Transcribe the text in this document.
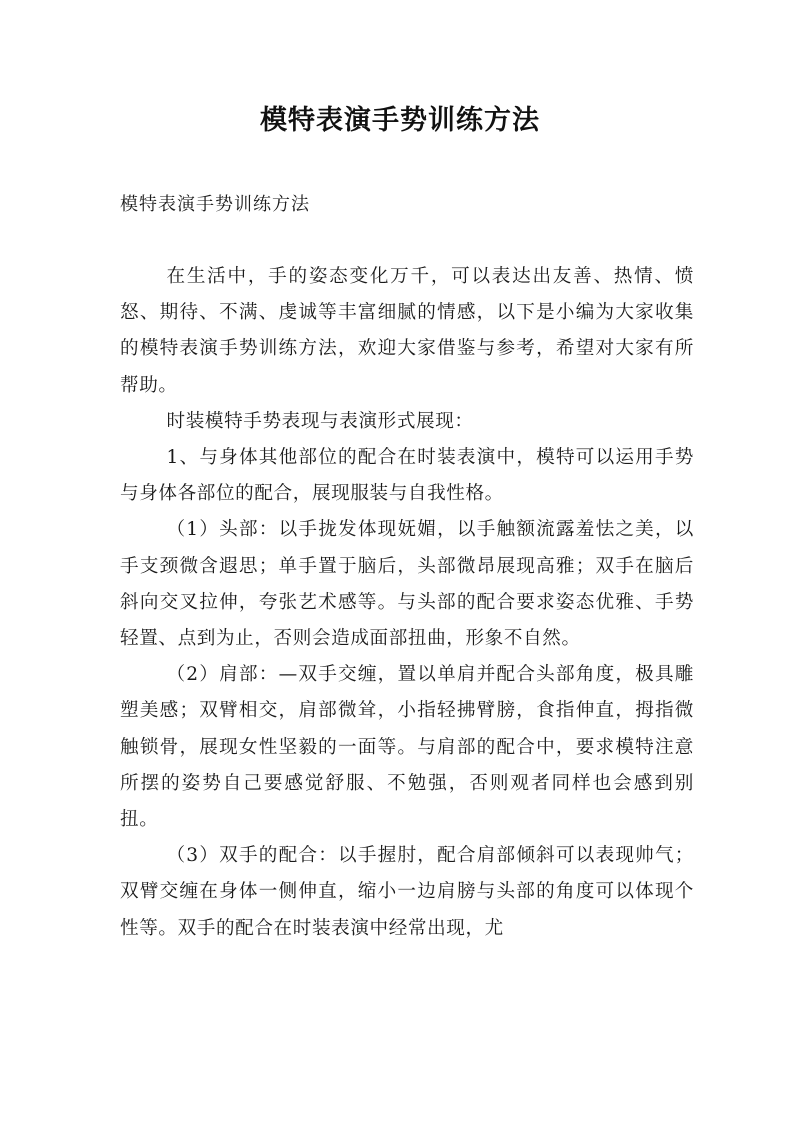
模特表演手势训练方法

模特表演手势训练方法

在生活中，手的姿态变化万千，可以表达出友善、热情、愤怒、期待、不满、虔诚等丰富细腻的情感，以下是小编为大家收集的模特表演手势训练方法，欢迎大家借鉴与参考，希望对大家有所帮助。

时装模特手势表现与表演形式展现：

1、与身体其他部位的配合在时装表演中，模特可以运用手势与身体各部位的配合，展现服装与自我性格。

（1）头部：以手拢发体现妩媚，以手触额流露羞怯之美，以手支颈微含遐思；单手置于脑后，头部微昂展现高雅；双手在脑后斜向交叉拉伸，夸张艺术感等。与头部的配合要求姿态优雅、手势轻置、点到为止，否则会造成面部扭曲，形象不自然。

（2）肩部：—双手交缠，置以单肩并配合头部角度，极具雕塑美感；双臂相交，肩部微耸，小指轻拂臂膀，食指伸直，拇指微触锁骨，展现女性坚毅的一面等。与肩部的配合中，要求模特注意所摆的姿势自己要感觉舒服、不勉强，否则观者同样也会感到别扭。

（3）双手的配合：以手握肘，配合肩部倾斜可以表现帅气；双臂交缠在身体一侧伸直，缩小一边肩膀与头部的角度可以体现个性等。双手的配合在时装表演中经常出现，尤
